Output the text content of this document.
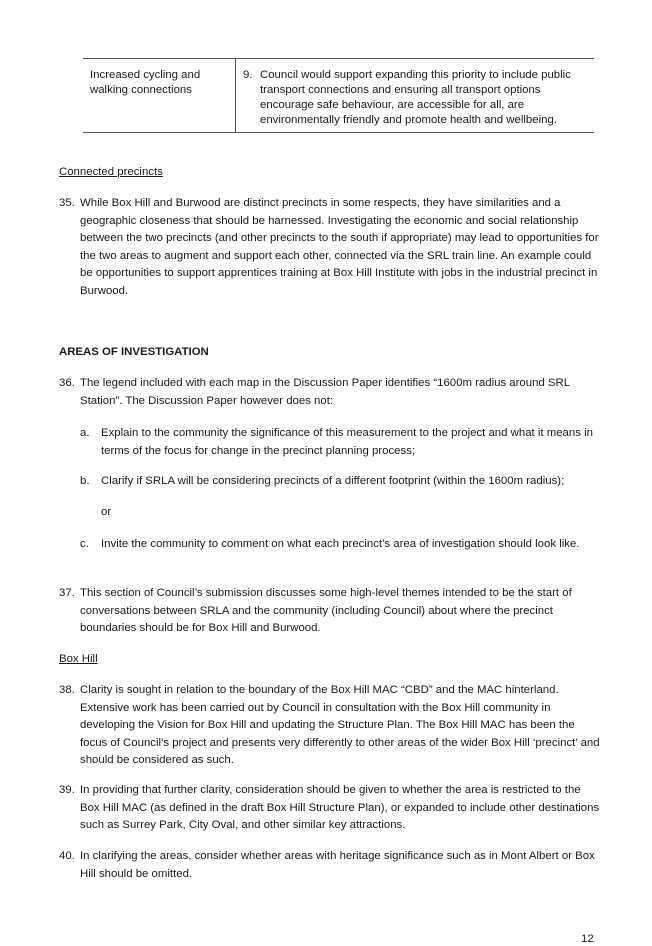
Increased cycling and walking connections
9. Council would support expanding this priority to include public transport connections and ensuring all transport options encourage safe behaviour, are accessible for all, are environmentally friendly and promote health and wellbeing.
Connected precincts
35. While Box Hill and Burwood are distinct precincts in some respects, they have similarities and a geographic closeness that should be harnessed. Investigating the economic and social relationship between the two precincts (and other precincts to the south if appropriate) may lead to opportunities for the two areas to augment and support each other, connected via the SRL train line. An example could be opportunities to support apprentices training at Box Hill Institute with jobs in the industrial precinct in Burwood.
AREAS OF INVESTIGATION
36. The legend included with each map in the Discussion Paper identifies “1600m radius around SRL Station”. The Discussion Paper however does not:
a. Explain to the community the significance of this measurement to the project and what it means in terms of the focus for change in the precinct planning process;
b. Clarify if SRLA will be considering precincts of a different footprint (within the 1600m radius);
or
c. Invite the community to comment on what each precinct’s area of investigation should look like.
37. This section of Council’s submission discusses some high-level themes intended to be the start of conversations between SRLA and the community (including Council) about where the precinct boundaries should be for Box Hill and Burwood.
Box Hill
38. Clarity is sought in relation to the boundary of the Box Hill MAC “CBD” and the MAC hinterland. Extensive work has been carried out by Council in consultation with the Box Hill community in developing the Vision for Box Hill and updating the Structure Plan. The Box Hill MAC has been the focus of Council’s project and presents very differently to other areas of the wider Box Hill ‘precinct’ and should be considered as such.
39. In providing that further clarity, consideration should be given to whether the area is restricted to the Box Hill MAC (as defined in the draft Box Hill Structure Plan), or expanded to include other destinations such as Surrey Park, City Oval, and other similar key attractions.
40. In clarifying the areas, consider whether areas with heritage significance such as in Mont Albert or Box Hill should be omitted.
12
